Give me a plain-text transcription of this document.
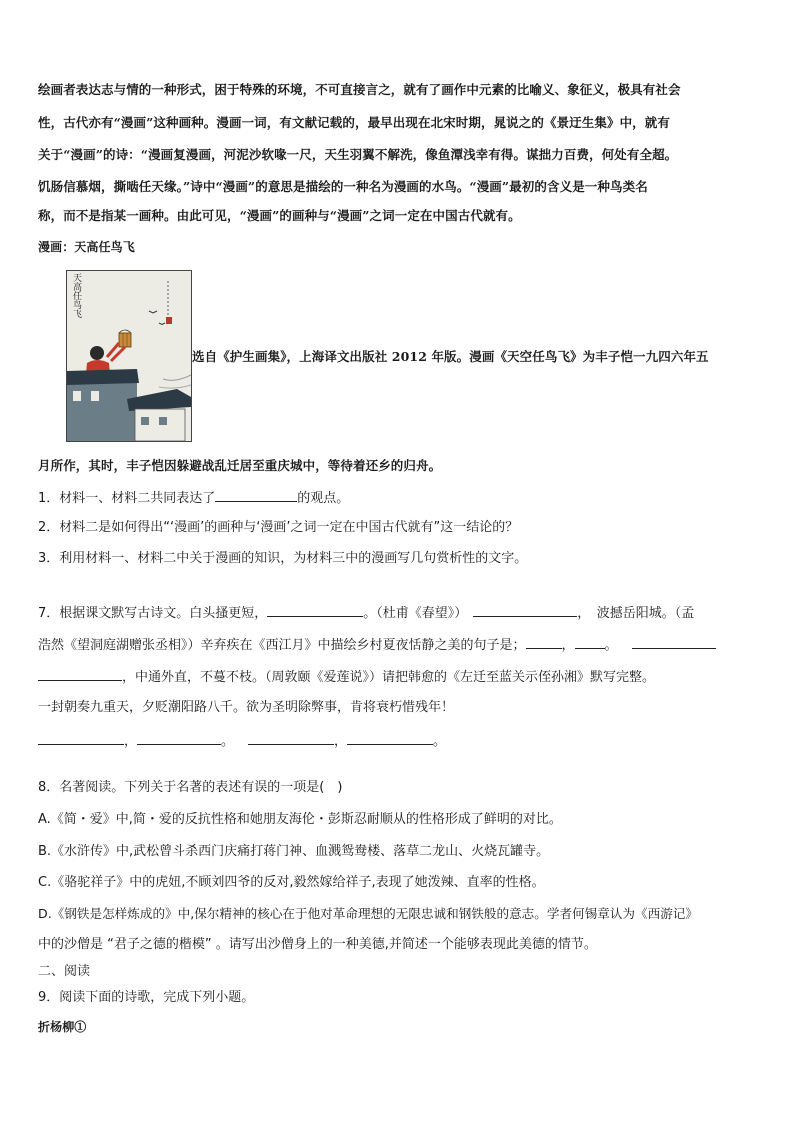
绘画者表达志与情的一种形式，困于特殊的环境，不可直接言之，就有了画作中元素的比喻义、象征义，极具有社会
性，古代亦有“漫画”这种画种。漫画一词，有文献记载的，最早出现在北宋时期，晁说之的《景迂生集》中，就有
关于“漫画”的诗：“漫画复漫画，河泥沙软喙一尺，天生羽翼不解洗，像鱼潭浅幸有得。谋拙力百费，何处有全超。
饥肠信慕烟，撕啮任天缘。”诗中“漫画”的意思是描绘的一种名为漫画的水鸟。“漫画”最初的含义是一种鸟类名
称，而不是指某一画种。由此可见，“漫画”的画种与“漫画”之词一定在中国古代就有。
漫画：天高任鸟飞
天高任鸟飞
选自《护生画集》，上海译文出版社 2012 年版。漫画《天空任鸟飞》为丰子恺一九四六年五
月所作，其时，丰子恺因躲避战乱迁居至重庆城中，等待着还乡的归舟。
1．材料一、材料二共同表达了	的观点。
2．材料二是如何得出“‘漫画’的画种与‘漫画’之词一定在中国古代就有”这一结论的？
3．利用材料一、材料二中关于漫画的知识，为材料三中的漫画写几句赏析性的文字。
7．根据课文默写古诗文。白头搔更短，	。（杜甫《春望》）	，　波撼岳阳城。（孟
浩然《望洞庭湖赠张丞相》）辛弃疾在《西江月》中描绘乡村夏夜恬静之美的句子是；	， 。
，中通外直，不蔓不枝。（周敦颐《爱莲说》）请把韩愈的《左迁至蓝关示侄孙湘》默写完整。
一封朝奏九重天，夕贬潮阳路八千。欲为圣明除弊事，肯将衰朽惜残年！
，	。	，	。
8．名著阅读。下列关于名著的表述有误的一项是(　)
A.《简・爱》中,简・爱的反抗性格和她朋友海伦・彭斯忍耐顺从的性格形成了鲜明的对比。
B.《水浒传》中,武松曾斗杀西门庆痛打蒋门神、血溅鸳鸯楼、落草二龙山、火烧瓦罐寺。
C.《骆驼祥子》中的虎妞,不顾刘四爷的反对,毅然嫁给祥子,表现了她泼辣、直率的性格。
D.《钢铁是怎样炼成的》中,保尔精神的核心在于他对革命理想的无限忠诚和钢铁般的意志。学者何锡章认为《西游记》
中的沙僧是 “君子之德的楷模” 。请写出沙僧身上的一种美德,并简述一个能够表现此美德的情节。
二、阅读
9．阅读下面的诗歌，完成下列小题。
折杨柳①
